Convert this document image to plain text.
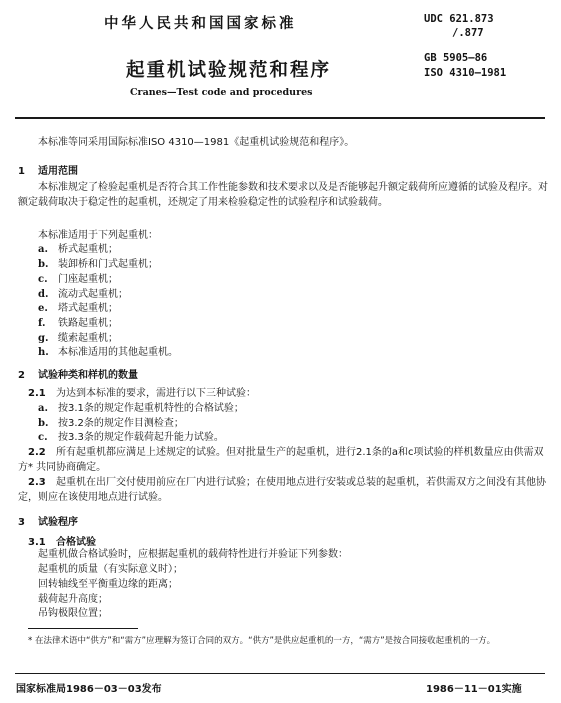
中华人民共和国国家标准	UDC 621.873
/.877
GB 5905—86
ISO 4310—1981
起重机试验规范和程序
Cranes—Test code and procedures
本标准等同采用国际标准ISO 4310—1981《起重机试验规范和程序》。
1 适用范围
本标准规定了检验起重机是否符合其工作性能参数和技术要求以及是否能够起升额定载荷所应遵循的试验及程序。对额定载荷取决于稳定性的起重机，还规定了用来检验稳定性的试验程序和试验载荷。
本标准适用于下列起重机：
a. 桥式起重机；
b. 装卸桥和门式起重机；
c. 门座起重机；
d. 流动式起重机；
e. 塔式起重机；
f. 铁路起重机；
g. 缆索起重机；
h. 本标准适用的其他起重机。
2 试验种类和样机的数量
2.1 为达到本标准的要求，需进行以下三种试验：
a. 按3.1条的规定作起重机特性的合格试验；
b. 按3.2条的规定作目测检查；
c. 按3.3条的规定作载荷起升能力试验。
2.2 所有起重机都应满足上述规定的试验。但对批量生产的起重机，进行2.1条的a和c项试验的样机数量应由供需双方* 共同协商确定。
2.3 起重机在出厂交付使用前应在厂内进行试验；在使用地点进行安装或总装的起重机，若供需双方之间没有其他协定，则应在该使用地点进行试验。
3 试验程序
3.1 合格试验
起重机做合格试验时，应根据起重机的载荷特性进行并验证下列参数：
起重机的质量（有实际意义时）；
回转轴线至平衡重边缘的距离；
载荷起升高度；
吊钩极限位置；
* 在法律术语中“供方”和“需方”应理解为签订合同的双方。“供方”是供应起重机的一方，“需方”是按合同接收起重机的一方。
国家标准局1986－03－03发布	1986－11－01实施
